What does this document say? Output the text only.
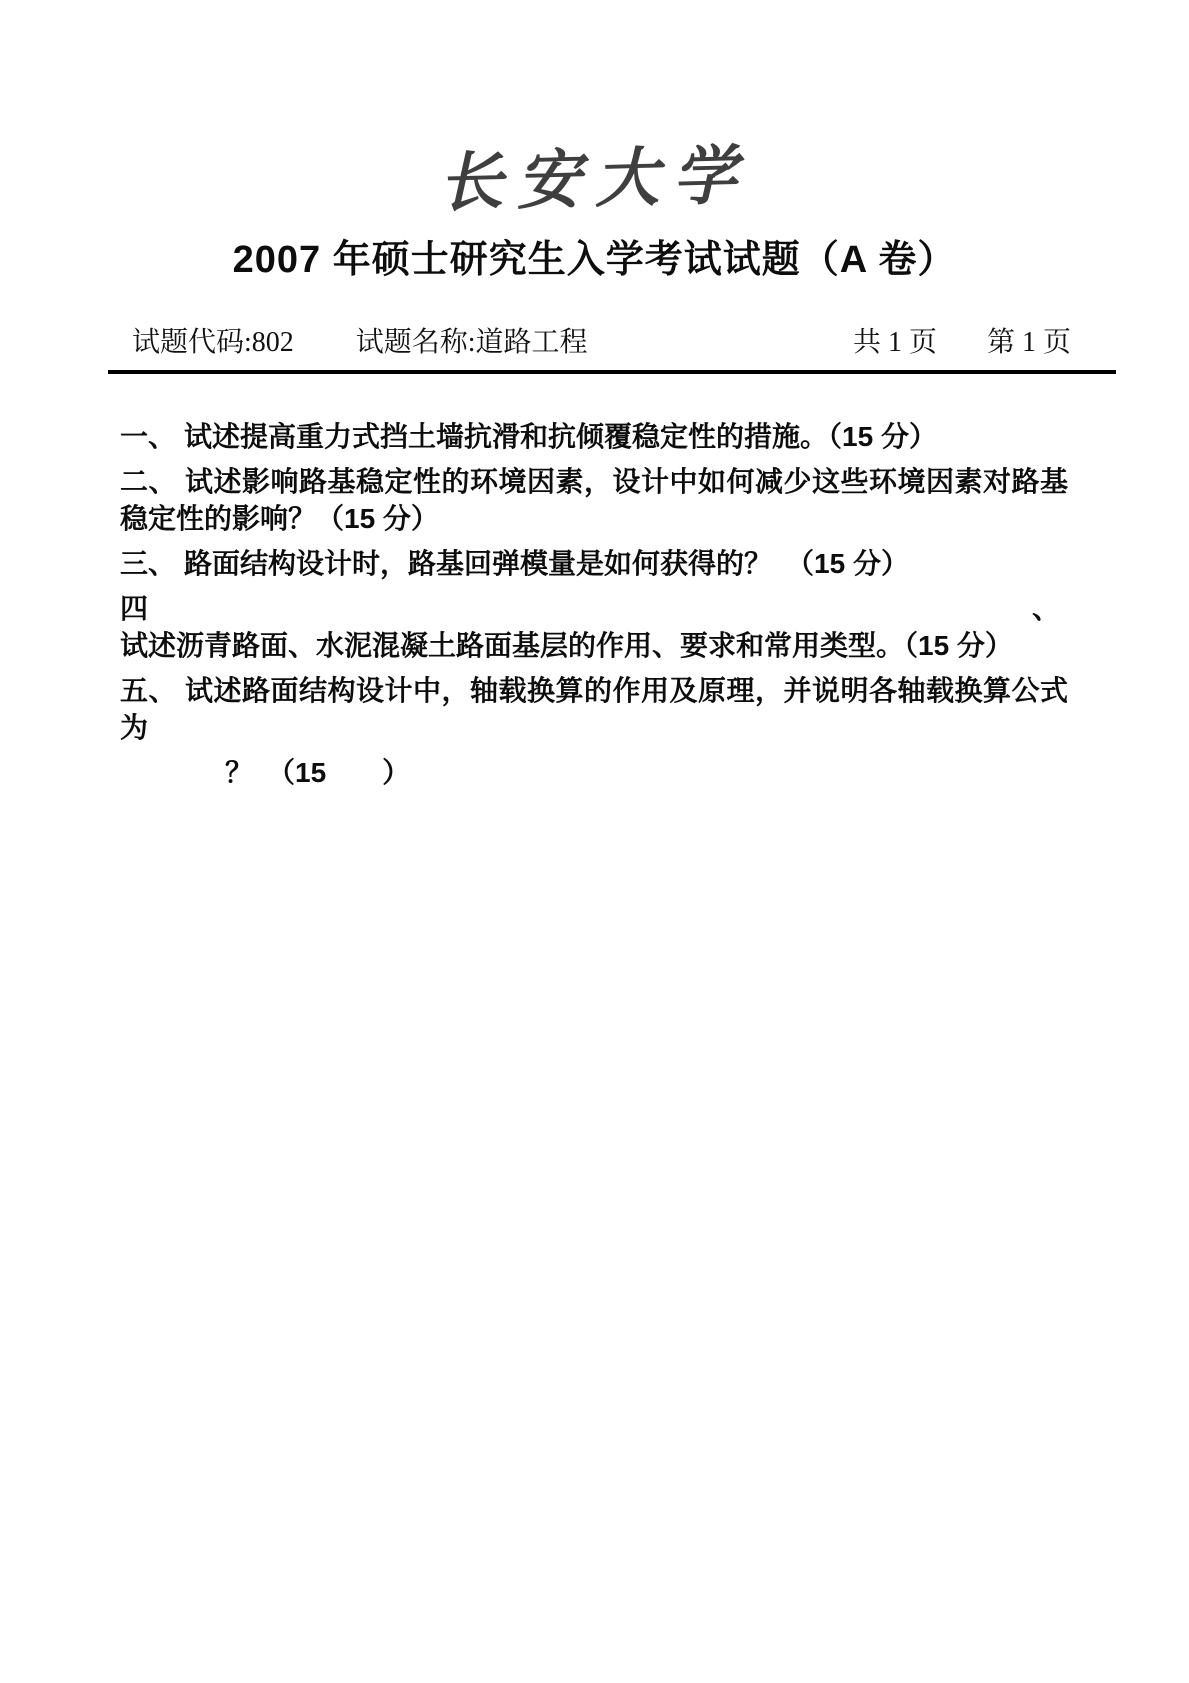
长安大学
2007 年硕士研究生入学考试试题（A 卷）
试题代码:802 试题名称:道路工程	共 1 页 第 1 页

一、 试述提高重力式挡土墙抗滑和抗倾覆稳定性的措施。（15 分）

二、 试述影响路基稳定性的环境因素，设计中如何减少这些环境因素对路基稳定性的影响？（15 分）

三、 路面结构设计时，路基回弹模量是如何获得的？　（15 分）

四、试述沥青路面、水泥混凝土路面基层的作用、要求和常用类型。（15 分）

五、 试述路面结构设计中，轴载换算的作用及原理，并说明各轴载换算公式为

？　（15　　）
